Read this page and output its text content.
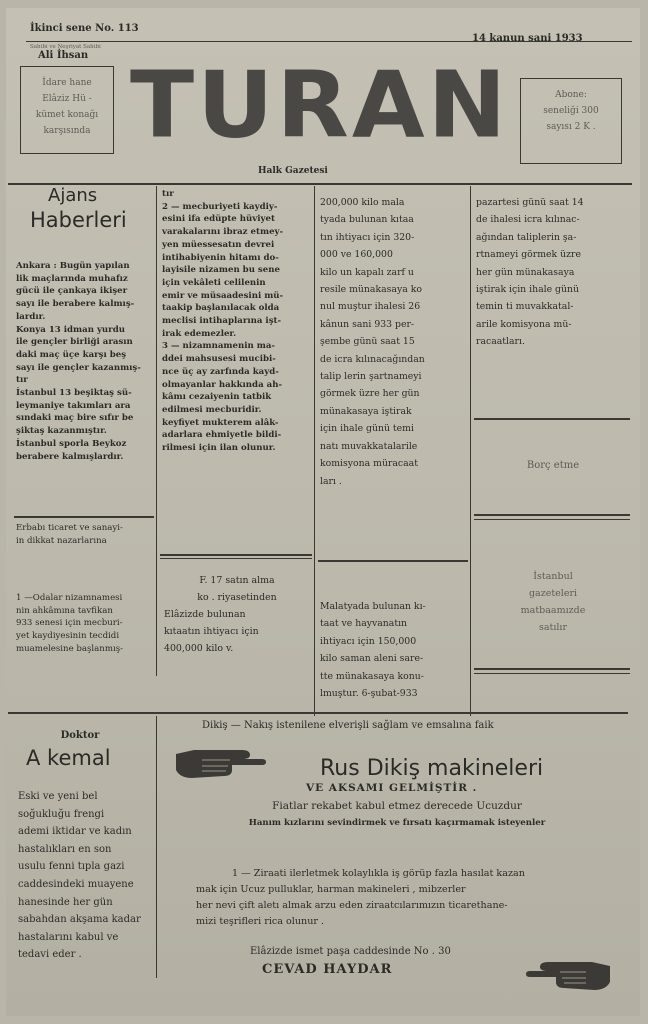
İkinci sene No. 113
14 kanun sani 1933
Sahibi ve Neşriyat Sahibi
Ali İhsan
İdare hane
Elâziz Hü -
kümet konağı
karşısında TURAN	Abone:
seneliği 300
sayısı 2 K .
Halk Gazetesi
Ajans
Haberleri

Ankara : Bugün yapılan

lik maçlarında muhafız

gücü ile çankaya ikişer

sayı ile berabere kalmış-

lardır.

Konya 13 idman yurdu

ile gençler birliği arasın

daki maç üçe karşı beş

sayı ile gençler kazanmış-

tır

İstanbul 13 beşiktaş sü-

leymaniye takımları ara

sındaki maç bire sıfır be

şiktaş kazanmıştır.

İstanbul sporla Beykoz

berabere kalmışlardır.

Erbabı ticaret ve sanayi-

in dikkat nazarlarına

1 —Odalar nizamnamesi

nin ahkâmına tavfikan

933 senesi için mecburi-

yet kaydiyesinin tecdidi

muamelesine başlanmış-

tır

2 — mecburiyeti kaydiy-

esini ifa edüpte hüviyet

varakalarını ibraz etmey-

yen müessesatın devrei

intihabiyenin hitamı do-

layisile nizamen bu sene

için vekâleti celilenin

emir ve müsaadesini mü-

taakip başlanılacak olda

meclisi intihaplarına işt-

irak edemezler.

3 — nizamnamenin ma-

ddei mahsusesi mucibi-

nce üç ay zarfında kayd-

olmayanlar hakkında ah-

kâmı cezaiyenin tatbik

edilmesi mecburidir.

keyfiyet mukterem alâk-

adarlara ehmiyetle bildi-

rilmesi için ilan olunur.

F. 17 satın alma

ko . riyasetinden

Elâzizde bulunan

kıtaatın ihtiyacı için

400,000 kilo v.

200,000 kilo mala

tyada bulunan kıtaa

tın ihtiyacı için 320-

000 ve 160,000

kilo un kapalı zarf u

resile münakasaya ko

nul muştur ihalesi 26

kânun sani 933 per-

şembe günü saat 15

de icra kılınacağından

talip lerin şartnameyi

görmek üzre her gün

münakasaya iştirak

için ihale günü temi

natı muvakkatalarile

komisyona müracaat

ları .

Malatyada bulunan kı-

taat ve hayvanatın

ihtiyacı için 150,000

kilo saman aleni sare-

tte münakasaya konu-

lmuştur. 6-şubat-933

pazartesi günü saat 14

de ihalesi icra kılınac-

ağından taliplerin şa-

rtnameyi görmek üzre

her gün münakasaya

iştirak için ihale günü

temin ti muvakkatal-

arile komisyona mü-

racaatları.

Borç etme
İstanbul
gazeteleri
matbaamızde
satılır
Doktor
A kemal

Eski ve yeni bel

soğukluğu frengi

ademi iktidar ve kadın

hastalıkları en son

usulu fenni tıpla gazi

caddesindeki muayene

hanesinde her gün

sabahdan akşama kadar

hastalarını kabul ve

tedavi eder .

Dikiş — Nakış istenilene elverişli sağlam ve emsalına faik
Rus Dikiş makineleri
VE AKSAMI GELMİŞTİR .
Fiatlar rekabet kabul etmez derecede Ucuzdur
Hanım kızlarını sevindirmek ve fırsatı kaçırmamak isteyenler

1 — Ziraati ilerletmek kolaylıkla iş görüp fazla hasılat kazan

mak için Ucuz pulluklar, harman makineleri , mibzerler

her nevi çift aletı almak arzu eden ziraatcılarımızın ticarethane-

mizi teşrifleri rica olunur .

Elâzizde ismet paşa caddesinde No . 30
CEVAD HAYDAR
